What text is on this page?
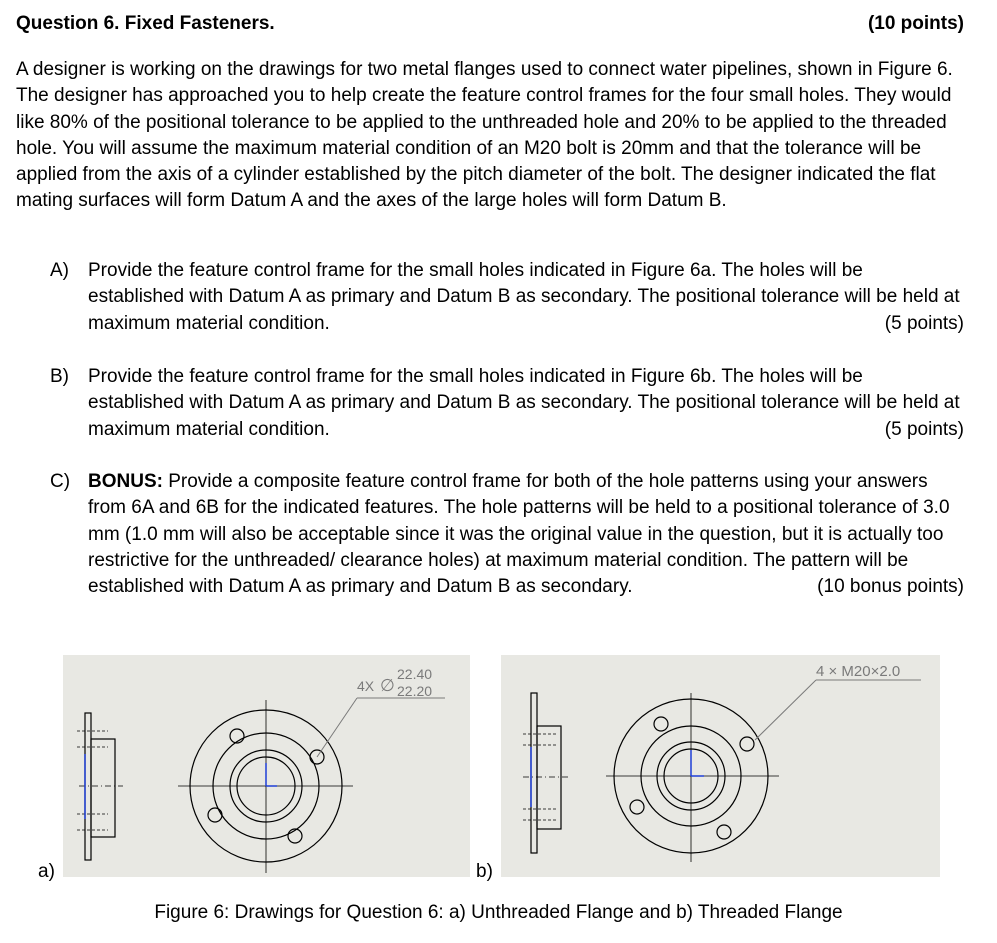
Question 6. Fixed Fasteners.	(10 points)

A designer is working on the drawings for two metal flanges used to connect water pipelines, shown in Figure 6. The designer has approached you to help create the feature control frames for the four small holes. They would like 80% of the positional tolerance to be applied to the unthreaded hole and 20% to be applied to the threaded hole. You will assume the maximum material condition of an M20 bolt is 20mm and that the tolerance will be applied from the axis of a cylinder established by the pitch diameter of the bolt. The designer indicated the flat mating surfaces will form Datum A and the axes of the large holes will form Datum B.

A) Provide the feature control frame for the small holes indicated in Figure 6a. The holes will be established with Datum A as primary and Datum B as secondary. The positional tolerance will be held at maximum material condition.	(5 points)
B) Provide the feature control frame for the small holes indicated in Figure 6b. The holes will be established with Datum A as primary and Datum B as secondary. The positional tolerance will be held at maximum material condition.	(5 points)
C) BONUS: Provide a composite feature control frame for both of the hole patterns using your answers from 6A and 6B for the indicated features. The hole patterns will be held to a positional tolerance of 3.0 mm (1.0 mm will also be acceptable since it was the original value in the question, but it is actually too restrictive for the unthreaded/ clearance holes) at maximum material condition. The pattern will be established with Datum A as primary and Datum B as secondary.	(10 bonus points)
a)
4X ∅
22.40
22.20
b)
4 × M20×2.0
Figure 6: Drawings for Question 6: a) Unthreaded Flange and b) Threaded Flange
